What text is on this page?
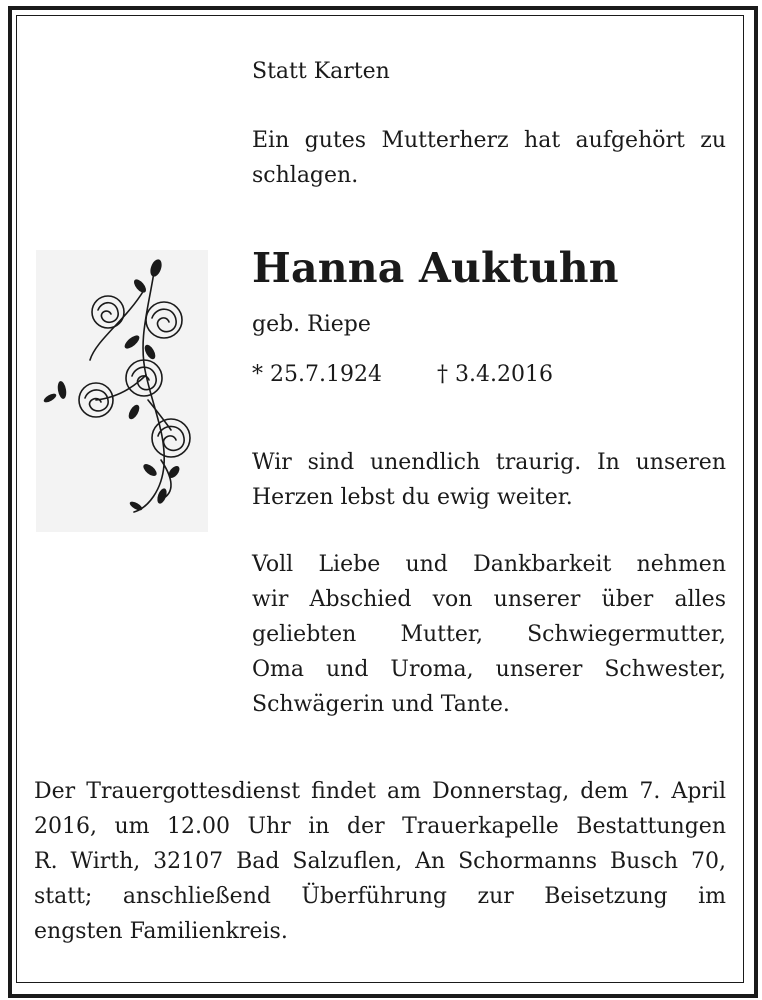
Statt Karten
Ein gutes Mutterherz hat aufgehört zu
schlagen.
Hanna Auktuhn
geb. Riepe
* 25.7.1924	† 3.4.2016
Wir sind unendlich traurig. In unseren
Herzen lebst du ewig weiter.
Voll Liebe und Dankbarkeit nehmen
wir Abschied von unserer über alles
geliebten Mutter, Schwiegermutter,
Oma und Uroma, unserer Schwester,
Schwägerin und Tante.
Der Trauergottesdienst findet am Donnerstag, dem 7. April
2016, um 12.00 Uhr in der Trauerkapelle Bestattungen
R. Wirth, 32107 Bad Salzuflen, An Schormanns Busch 70,
statt; anschließend Überführung zur Beisetzung im
engsten Familienkreis.
